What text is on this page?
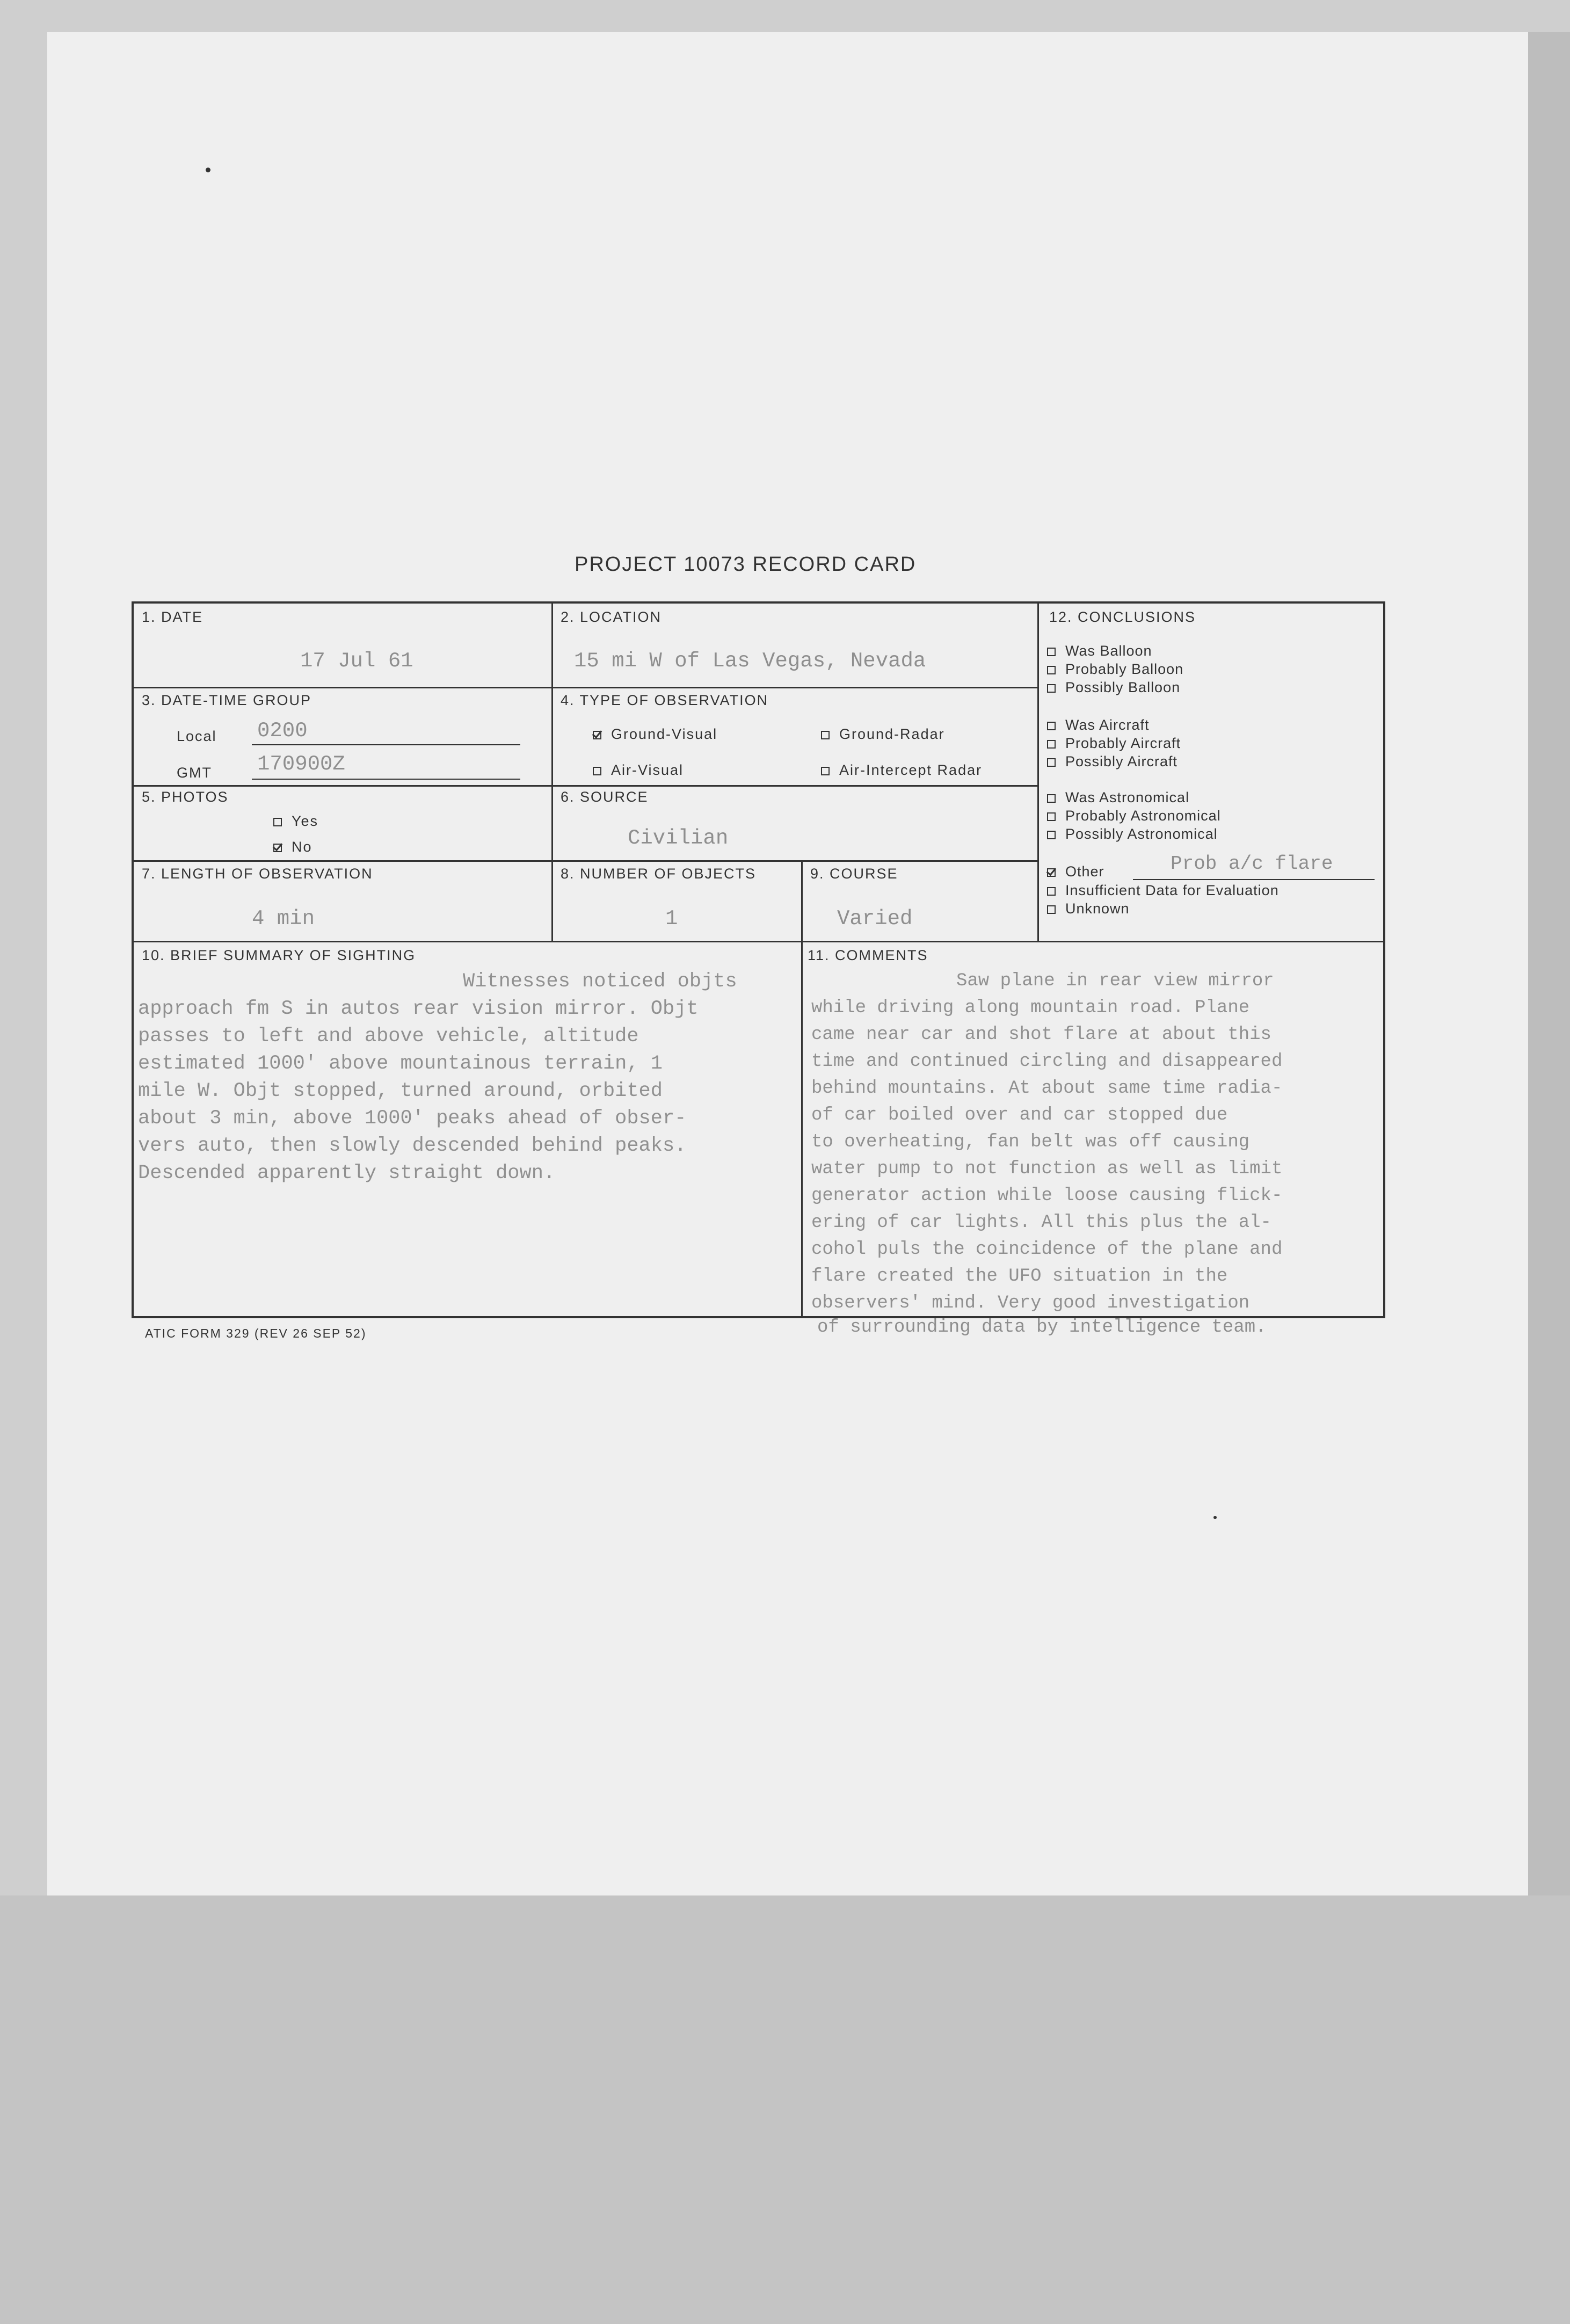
PROJECT 10073 RECORD CARD
1. DATE
17 Jul 61
2. LOCATION
15 mi W of Las Vegas, Nevada
3. DATE-TIME GROUP
Local 0200
GMT 170900Z
4. TYPE OF OBSERVATION
Ground-Visual	Ground-Radar
Air-Visual	Air-Intercept Radar
5. PHOTOS
Yes
No
6. SOURCE
Civilian
7. LENGTH OF OBSERVATION
4 min
8. NUMBER OF OBJECTS
1
9. COURSE
Varied
12. CONCLUSIONS
10. BRIEF SUMMARY OF SIGHTING

Witnesses noticed objts
approach fm S in autos rear vision mirror. Objt
passes to left and above vehicle, altitude
estimated 1000' above mountainous terrain, 1
mile W. Objt stopped, turned around, orbited
about 3 min, above 1000' peaks ahead of obser-
vers auto, then slowly descended behind peaks.
Descended apparently straight down.
11. COMMENTS

Saw plane in rear view mirror
while driving along mountain road. Plane
came near car and shot flare at about this
time and continued circling and disappeared
behind mountains. At about same time radia-
of car boiled over and car stopped due
to overheating, fan belt was off causing
water pump to not function as well as limit
generator action while loose causing flick-
ering of car lights. All this plus the al-
cohol puls the coincidence of the plane and
flare created the UFO situation in the
observers' mind. Very good investigation
Was Balloon
Probably Balloon
Possibly Balloon
Was Aircraft
Probably Aircraft
Possibly Aircraft
Was Astronomical
Probably Astronomical
Possibly Astronomical
Other	Prob a/c flare
Insufficient Data for Evaluation
Unknown
of surrounding data by intelligence team.
ATIC FORM 329 (REV 26 SEP 52)
